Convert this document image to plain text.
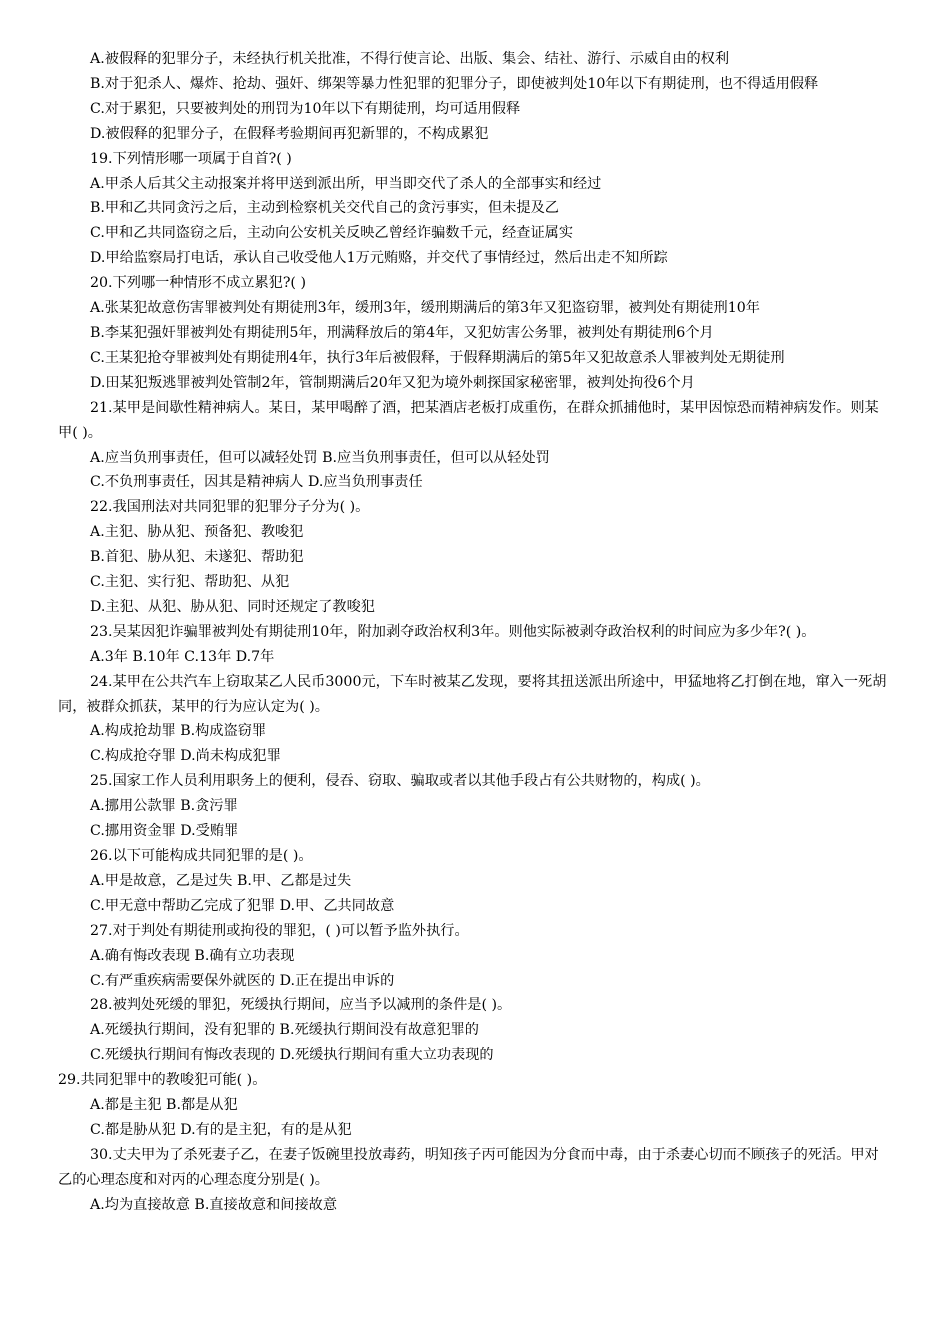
A.被假释的犯罪分子，未经执行机关批准，不得行使言论、出版、集会、结社、游行、示威自由的权利

B.对于犯杀人、爆炸、抢劫、强奸、绑架等暴力性犯罪的犯罪分子，即使被判处10年以下有期徒刑，也不得适用假释

C.对于累犯，只要被判处的刑罚为10年以下有期徒刑，均可适用假释

D.被假释的犯罪分子，在假释考验期间再犯新罪的，不构成累犯

19.下列情形哪一项属于自首?( )

A.甲杀人后其父主动报案并将甲送到派出所，甲当即交代了杀人的全部事实和经过

B.甲和乙共同贪污之后，主动到检察机关交代自己的贪污事实，但未提及乙

C.甲和乙共同盗窃之后，主动向公安机关反映乙曾经诈骗数千元，经查证属实

D.甲给监察局打电话，承认自己收受他人1万元贿赂，并交代了事情经过，然后出走不知所踪

20.下列哪一种情形不成立累犯?( )

A.张某犯故意伤害罪被判处有期徒刑3年，缓刑3年，缓刑期满后的第3年又犯盗窃罪，被判处有期徒刑10年

B.李某犯强奸罪被判处有期徒刑5年，刑满释放后的第4年，又犯妨害公务罪，被判处有期徒刑6个月

C.王某犯抢夺罪被判处有期徒刑4年，执行3年后被假释，于假释期满后的第5年又犯故意杀人罪被判处无期徒刑

D.田某犯叛逃罪被判处管制2年，管制期满后20年又犯为境外刺探国家秘密罪，被判处拘役6个月

21.某甲是间歇性精神病人。某日，某甲喝醉了酒，把某酒店老板打成重伤，在群众抓捕他时，某甲因惊恐而精神病发作。则某甲( )。

A.应当负刑事责任，但可以减轻处罚 B.应当负刑事责任，但可以从轻处罚

C.不负刑事责任，因其是精神病人 D.应当负刑事责任

22.我国刑法对共同犯罪的犯罪分子分为( )。

A.主犯、胁从犯、预备犯、教唆犯

B.首犯、胁从犯、未遂犯、帮助犯

C.主犯、实行犯、帮助犯、从犯

D.主犯、从犯、胁从犯、同时还规定了教唆犯

23.吴某因犯诈骗罪被判处有期徒刑10年，附加剥夺政治权利3年。则他实际被剥夺政治权利的时间应为多少年?( )。

A.3年 B.10年 C.13年 D.7年

24.某甲在公共汽车上窃取某乙人民币3000元，下车时被某乙发现，要将其扭送派出所途中，甲猛地将乙打倒在地，窜入一死胡同，被群众抓获，某甲的行为应认定为( )。

A.构成抢劫罪 B.构成盗窃罪

C.构成抢夺罪 D.尚未构成犯罪

25.国家工作人员利用职务上的便利，侵吞、窃取、骗取或者以其他手段占有公共财物的，构成( )。

A.挪用公款罪 B.贪污罪

C.挪用资金罪 D.受贿罪

26.以下可能构成共同犯罪的是( )。

A.甲是故意，乙是过失 B.甲、乙都是过失

C.甲无意中帮助乙完成了犯罪 D.甲、乙共同故意

27.对于判处有期徒刑或拘役的罪犯，( )可以暂予监外执行。

A.确有悔改表现 B.确有立功表现

C.有严重疾病需要保外就医的 D.正在提出申诉的

28.被判处死缓的罪犯，死缓执行期间，应当予以减刑的条件是( )。

A.死缓执行期间，没有犯罪的 B.死缓执行期间没有故意犯罪的

C.死缓执行期间有悔改表现的 D.死缓执行期间有重大立功表现的

29.共同犯罪中的教唆犯可能( )。

A.都是主犯 B.都是从犯

C.都是胁从犯 D.有的是主犯，有的是从犯

30.丈夫甲为了杀死妻子乙，在妻子饭碗里投放毒药，明知孩子丙可能因为分食而中毒，由于杀妻心切而不顾孩子的死活。甲对乙的心理态度和对丙的心理态度分别是( )。

A.均为直接故意 B.直接故意和间接故意
